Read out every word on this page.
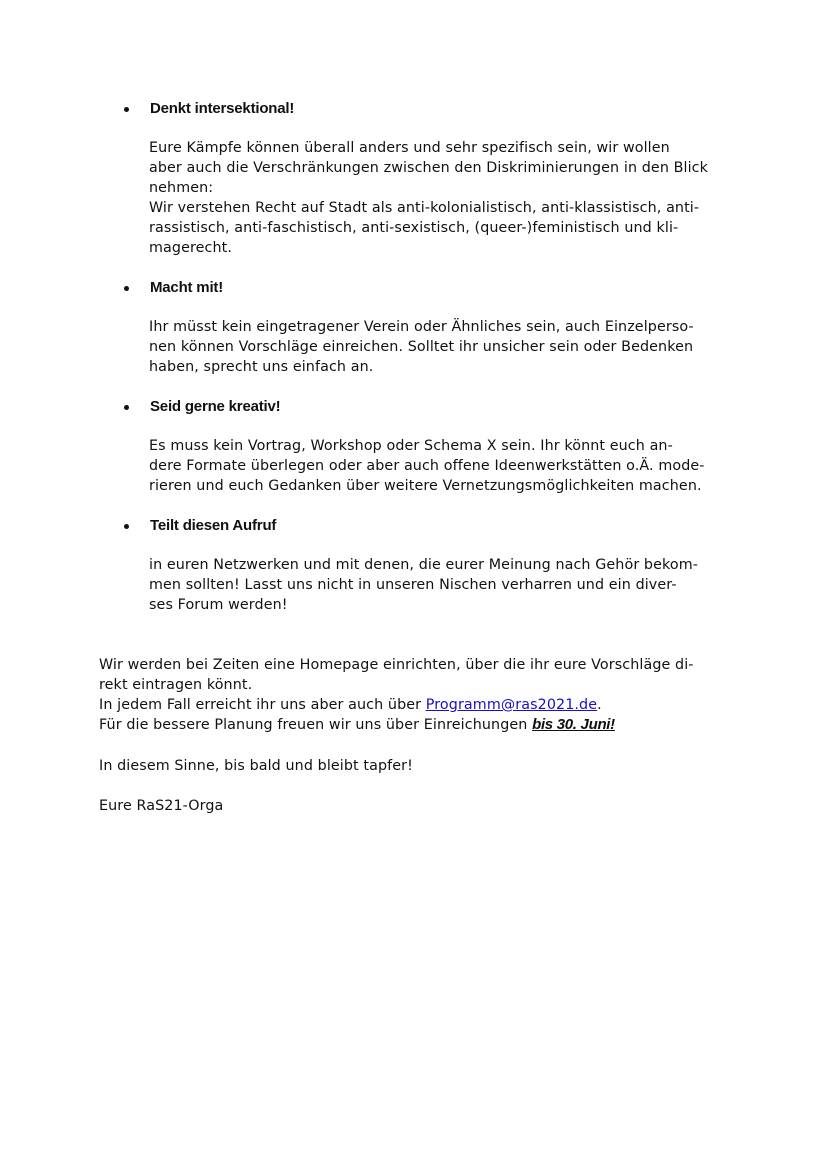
Denkt intersektional!
Eure Kämpfe können überall anders und sehr spezifisch sein, wir wollen
aber auch die Verschränkungen zwischen den Diskriminierungen in den Blick
nehmen:
Wir verstehen Recht auf Stadt als anti-kolonialistisch, anti-klassistisch, anti-
rassistisch, anti-faschistisch, anti-sexistisch, (queer-)feministisch und kli-
magerecht.
Macht mit!
Ihr müsst kein eingetragener Verein oder Ähnliches sein, auch Einzelperso-
nen können Vorschläge einreichen. Solltet ihr unsicher sein oder Bedenken
haben, sprecht uns einfach an.
Seid gerne kreativ!
Es muss kein Vortrag, Workshop oder Schema X sein. Ihr könnt euch an-
dere Formate überlegen oder aber auch offene Ideenwerkstätten o.Ä. mode-
rieren und euch Gedanken über weitere Vernetzungsmöglichkeiten machen.
Teilt diesen Aufruf
in euren Netzwerken und mit denen, die eurer Meinung nach Gehör bekom-
men sollten! Lasst uns nicht in unseren Nischen verharren und ein diver-
ses Forum werden!
Wir werden bei Zeiten eine Homepage einrichten, über die ihr eure Vorschläge di-
rekt eintragen könnt.
In jedem Fall erreicht ihr uns aber auch über Programm@ras2021.de.
Für die bessere Planung freuen wir uns über Einreichungen bis 30. Juni!
In diesem Sinne, bis bald und bleibt tapfer!
Eure RaS21-Orga
